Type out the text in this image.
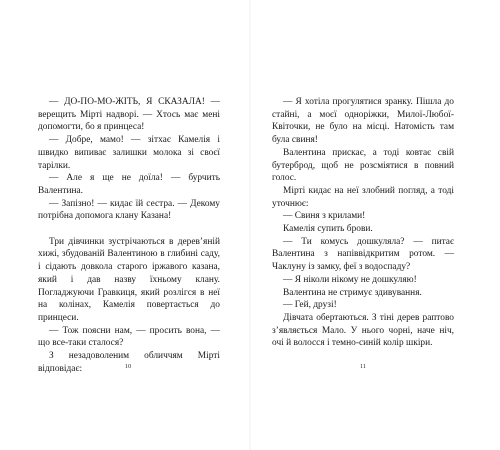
— ДО-ПО-МО-ЖІТЬ, Я СКАЗАЛА! — верещить Мірті надворі. — Хтось має мені допомогти, бо я принцеса!

— Добре, мамо! — зітхає Камелія і швидко випиває залишки молока зі своєї тарілки.

— Але я ще не доїла! — бурчить Валентина.

— Запізно! — кидає їй сестра. — Декому потрібна допомога клану Казана!

Три дівчинки зустрічаються в дерев’яній хижі, збудованій Валентиною в глибині саду, і сідають довкола старого іржавого казана, який і дав назву їхньому клану. Погладжуючи Гравкиця, який розлігся в неї на колінах, Камелія повертається до принцеси.

— Тож поясни нам, — просить вона, — що все-таки сталося?

З незадоволеним обличчям Мірті відповідає:	10

— Я хотіла прогулятися зранку. Пішла до стайні, а моєї одноріжки, Милої-Любої-Квіточки, не було на місці. Натомість там була свиня!

Валентина прискає, а тоді ковтає свій бутерброд, щоб не розсміятися в повний голос.

Мірті кидає на неї злобний погляд, а тоді уточнює:

— Свиня з крилами!

Камелія супить брови.

— Ти комусь дошкуляла? — питає Валентина з напіввідкритим ротом. — Чаклуну із замку, феї з водоспаду?

— Я ніколи нікому не дошкуляю!

Валентина не стримує здивування.

— Гей, друзі!

Дівчата обертаються. З тіні дерев раптово з’являється Мало. У нього чорні, наче ніч, очі й волосся і темно-синій колір шкіри.

11
